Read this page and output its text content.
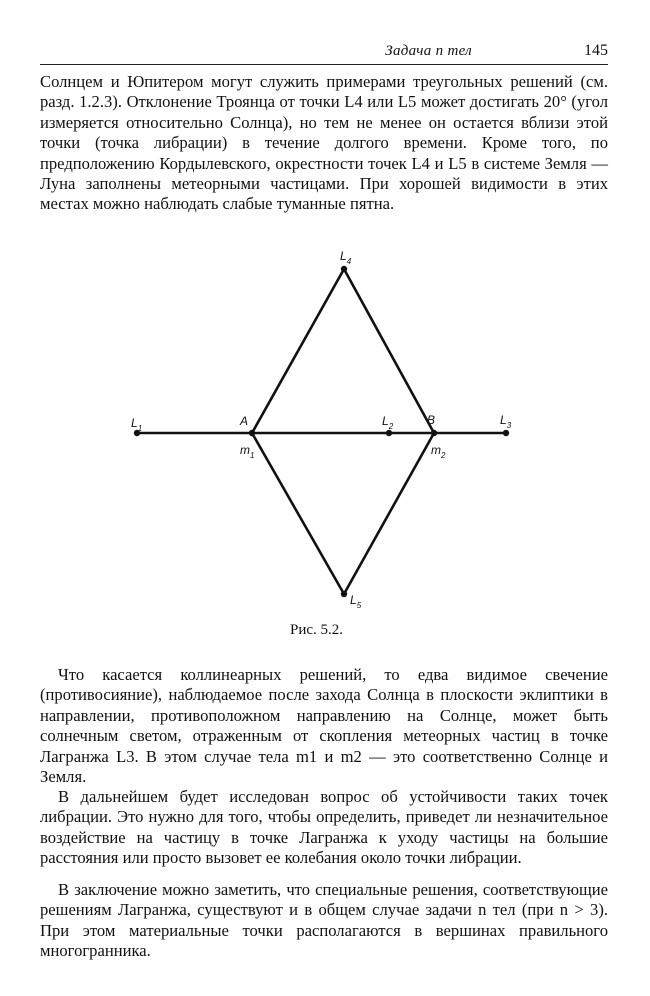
Задача n тел	145

Солнцем и Юпитером могут служить примерами треугольных решений (см. разд. 1.2.3). Отклонение Троянца от точки L4 или L5 может достигать 20° (угол измеряется относительно Солнца), но тем не менее он остается вблизи этой точки (точка либрации) в течение долгого времени. Кроме того, по предположению Кордылевского, окрестности точек L4 и L5 в системе Земля — Луна заполнены метеорными частицами. При хорошей видимости в этих местах можно наблюдать слабые туманные пятна.

$L_4$
$L_1$
A	$L_2$	B	$L_3$
$m_1$	$m_2$
$L_5$
Рис. 5.2.

Что касается коллинеарных решений, то едва видимое свечение (противосияние), наблюдаемое после захода Солнца в плоскости эклиптики в направлении, противоположном направлению на Солнце, может быть солнечным светом, отраженным от скопления метеорных частиц в точке Лагранжа L3. В этом случае тела m1 и m2 — это соответственно Солнце и Земля.

В дальнейшем будет исследован вопрос об устойчивости таких точек либрации. Это нужно для того, чтобы определить, приведет ли незначительное воздействие на частицу в точке Лагранжа к уходу частицы на большие расстояния или просто вызовет ее колебания около точки либрации.

В заключение можно заметить, что специальные решения, соответствующие решениям Лагранжа, существуют и в общем случае задачи n тел (при n > 3). При этом материальные точки располагаются в вершинах правильного многогранника.
